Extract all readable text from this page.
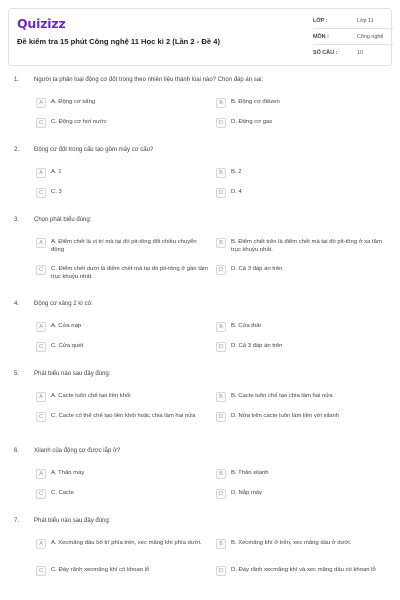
Quizizz
Đề kiểm tra 15 phút Công nghệ 11 Học kì 2 (Lần 2 - Đề 4)
LỚP :	Lớp 11
MÔN :	Công nghệ
SỐ CÂU :	10
1. Người ta phân loại động cơ đốt trong theo nhiên liệu thành loại nào? Chọn đáp án sai:
A	A. Động cơ xăng	B	B. Động cơ điêzen
C	C. Động cơ hơi nước	D	D. Động cơ gas
2. Động cơ đốt trong cấu tạo gồm mấy cơ cấu?
A	A. 1	B	B. 2
C	C. 3	D	D. 4
3. Chọn phát biểu đúng:
A	A. Điểm chết là vị trí mà tại đó pit-tông đổi chiều chuyển động
B	B. Điểm chết trên là điểm chết mà tại đó pit-tông ở xa tâm trục khuỷu nhất.
C	C. Điểm chết dưới là điểm chết mà tại đó pit-tông ở gần tâm trục khuỷu nhất
D	D. Cả 3 đáp án trên
4. Động cơ xăng 2 kì có:
A	A. Cửa nạp	B	B. Cửa thải
C	C. Cửa quét	D	D. Cả 3 đáp án trên
5. Phát biểu nào sau đây đúng:
A	A. Cacte luôn chế tạo liền khối	B	B. Cacte luôn chế tạo chia làm hai nửa
C	C. Cacte có thể chế tạo liền khối hoặc chia làm hai nửa	D	D. Nửa trên cacte luôn làm liền với xilanh
6. Xilanh của động cơ được lắp ở?
A	A. Thân máy	B	B. Thân xilanh
C	C. Cacte	D	D. Nắp máy
7. Phát biểu nào sau đây đúng:
A	A. Xecmăng dầu bố trí phía trên, xec măng khí phía dưới.	B	B. Xecmăng khí ở trên, xec măng dầu ở dưới.
C	C. Đáy rãnh xecmăng khí có khoan lỗ	D	D. Đáy rãnh xecmăng khí và xec măng dầu có khoan lỗ
